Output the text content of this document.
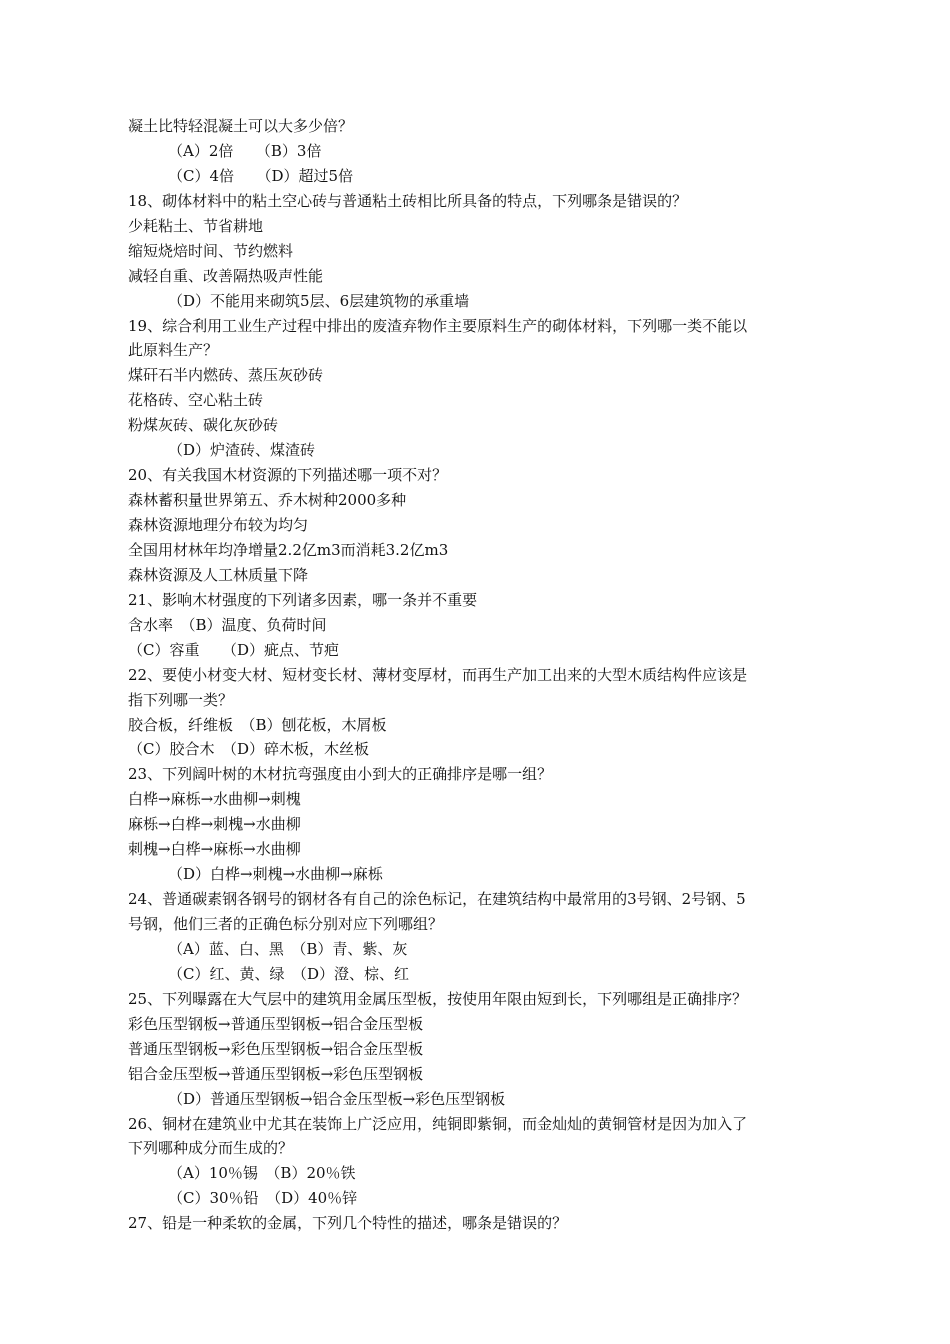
凝土比特轻混凝土可以大多少倍？
（A）2倍　　（B）3倍
（C）4倍　　（D）超过5倍
18、砌体材料中的粘土空心砖与普通粘土砖相比所具备的特点，下列哪条是错误的？
少耗粘土、节省耕地
缩短烧焙时间、节约燃料
减轻自重、改善隔热吸声性能
（D）不能用来砌筑5层、6层建筑物的承重墙
19、综合利用工业生产过程中排出的废渣弃物作主要原料生产的砌体材料，下列哪一类不能以
此原料生产？
煤矸石半内燃砖、蒸压灰砂砖
花格砖、空心粘土砖
粉煤灰砖、碳化灰砂砖
（D）炉渣砖、煤渣砖
20、有关我国木材资源的下列描述哪一项不对？
森林蓄积量世界第五、乔木树种2000多种
森林资源地理分布较为均匀
全国用材林年均净增量2.2亿m3而消耗3.2亿m3
森林资源及人工林质量下降
21、影响木材强度的下列诸多因素，哪一条并不重要
含水率　（B）温度、负荷时间
（C）容重　　（D）疵点、节疤
22、要使小材变大材、短材变长材、薄材变厚材，而再生产加工出来的大型木质结构件应该是
指下列哪一类？
胶合板，纤维板　（B）刨花板，木屑板
（C）胶合木　（D）碎木板，木丝板
23、下列阔叶树的木材抗弯强度由小到大的正确排序是哪一组？
白桦→麻栎→水曲柳→刺槐
麻栎→白桦→刺槐→水曲柳
刺槐→白桦→麻栎→水曲柳
（D）白桦→刺槐→水曲柳→麻栎
24、普通碳素钢各钢号的钢材各有自己的涂色标记，在建筑结构中最常用的3号钢、2号钢、5
号钢，他们三者的正确色标分别对应下列哪组？
（A）蓝、白、黑　（B）青、紫、灰
（C）红、黄、绿　（D）澄、棕、红
25、下列曝露在大气层中的建筑用金属压型板，按使用年限由短到长，下列哪组是正确排序？
彩色压型钢板→普通压型钢板→铝合金压型板
普通压型钢板→彩色压型钢板→铝合金压型板
铝合金压型板→普通压型钢板→彩色压型钢板
（D）普通压型钢板→铝合金压型板→彩色压型钢板
26、铜材在建筑业中尤其在装饰上广泛应用，纯铜即紫铜，而金灿灿的黄铜管材是因为加入了
下列哪种成分而生成的？
（A）10％锡　（B）20％铁
（C）30％铅　（D）40％锌
27、铅是一种柔软的金属，下列几个特性的描述，哪条是错误的？
